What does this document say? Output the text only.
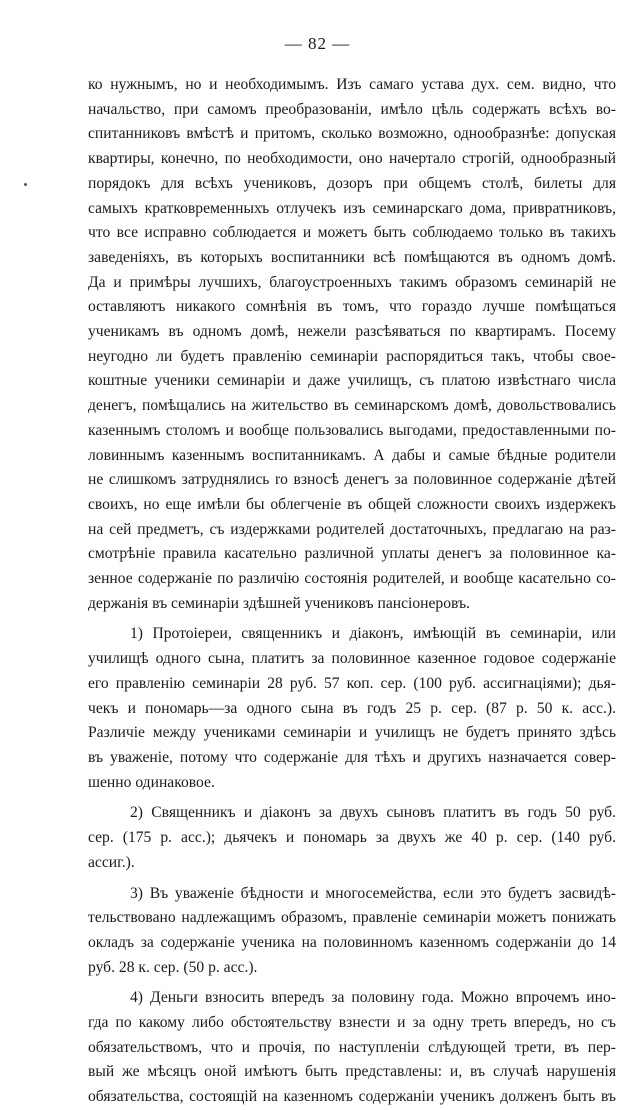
— 82 —
ко нужнымъ, но и необходимымъ. Изъ самаго устава дух. сем. видно, что
начальство, при самомъ преобразованіи, имѣло цѣль содержать всѣхъ во-
спитанниковъ вмѣстѣ и притомъ, сколько возможно, однообразнѣе: допуская
квартиры, конечно, по необходимости, оно начертало строгій, однообразный
порядокъ для всѣхъ учениковъ, дозоръ при общемъ столѣ, билеты для
самыхъ кратковременныхъ отлучекъ изъ семинарскаго дома, привратниковъ,
что все исправно соблюдается и можетъ быть соблюдаемо только въ такихъ
заведеніяхъ, въ которыхъ воспитанники всѣ помѣщаются въ одномъ домѣ.
Да и примѣры лучшихъ, благоустроенныхъ такимъ образомъ семинарій не
оставляютъ никакого сомнѣнія въ томъ, что гораздо лучше помѣщаться
ученикамъ въ одномъ домѣ, нежели разсѣяваться по квартирамъ. Посему
неугодно ли будетъ правленію семинаріи распорядиться такъ, чтобы свое-
коштные ученики семинаріи и даже училищъ, съ платою извѣстнаго числа
денегъ, помѣщались на жительство въ семинарскомъ домѣ, довольствовались
казеннымъ столомъ и вообще пользовались выгодами, предоставленными по-
ловиннымъ казеннымъ воспитанникамъ. А дабы и самые бѣдные родители
не слишкомъ затруднялись ro взносѣ денегъ за половинное содержаніе дѣтей
своихъ, но еще имѣли бы облегченіе въ общей сложности своихъ издержекъ
на сей предметъ, съ издержками родителей достаточныхъ, предлагаю на раз-
смотрѣніе правила касательно различной уплаты денегъ за половинное ка-
зенное содержаніе по различію состоянія родителей, и вообще касательно со-
держанія въ семинаріи здѣшней учениковъ пансіонеровъ.
1) Протоіереи, священникъ и діаконъ, имѣющій въ семинаріи, или
училищѣ одного сына, платитъ за половинное казенное годовое содержаніе
его правленію семинаріи 28 руб. 57 коп. сер. (100 руб. ассигнаціями); дья-
чекъ и пономарь—за одного сына въ годъ 25 р. сер. (87 р. 50 к. асс.).
Различіе между учениками семинаріи и училищъ не будетъ принято здѣсь
въ уваженіе, потому что содержаніе для тѣхъ и другихъ назначается совер-
шенно одинаковое.
2) Священникъ и діаконъ за двухъ сыновъ платитъ въ годъ 50 руб.
сер. (175 р. асс.); дьячекъ и пономарь за двухъ же 40 р. сер. (140 руб.
ассиг.).
3) Въ уваженіе бѣдности и многосемейства, если это будетъ засвидѣ-
тельствовано надлежащимъ образомъ, правленіе семинаріи можетъ понижать
окладъ за содержаніе ученика на половинномъ казенномъ содержаніи до 14
руб. 28 к. сер. (50 р. асс.).
4) Деньги взносить впередъ за половину года. Можно впрочемъ ино-
гда по какому либо обстоятельству взнести и за одну треть впередъ, но съ
обязательствомъ, что и прочія, по наступленіи слѣдующей трети, въ пер-
вый же мѣсяцъ оной имѣютъ быть представлены: и, въ случаѣ нарушенія
обязательства, состоящій на казенномъ содержаніи ученикъ долженъ быть въ
